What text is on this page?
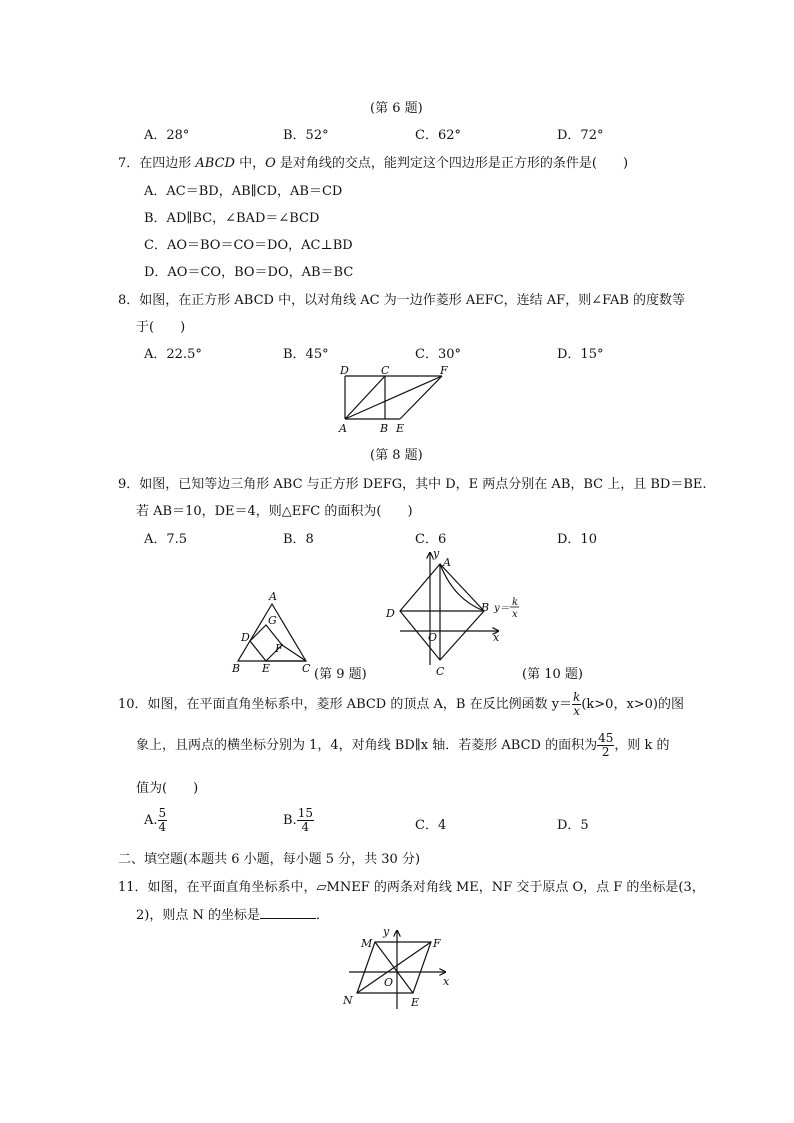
(第 6 题)
A．28°	B．52°	C．62°	D．72°
7．在四边形 ABCD 中，O 是对角线的交点，能判定这个四边形是正方形的条件是(　　)
A．AC＝BD，AB∥CD，AB＝CD
B．AD∥BC，∠BAD＝∠BCD
C．AO＝BO＝CO＝DO，AC⊥BD
D．AO＝CO，BO＝DO，AB＝BC
8．如图，在正方形 ABCD 中，以对角线 AC 为一边作菱形 AEFC，连结 AF，则∠FAB 的度数等
于(　　)
A．22.5°	B．45°	C．30°	D．15°
D	C	F
A	B E
(第 8 题)
9．如图，已知等边三角形 ABC 与正方形 DEFG，其中 D，E 两点分别在 AB，BC 上，且 BD＝BE.
若 AB＝10，DE＝4，则△EFC 的面积为(　　)
A．7.5	B．8	C．6	D．10
A
G
D
F
B E	C (第 9 题)
y
A
D	B
O	x
C
y＝
k
x
(第 10 题)
10．如图，在平面直角坐标系中，菱形 ABCD 的顶点 A，B 在反比例函数 $y= \frac{k}{x} (k>0$，x>0)的图
象上，且两点的横坐标分别为 1，4，对角线 BD∥x 轴．若菱形 ABCD 的面积为 $\frac{45}{2}$ ，则 k 的
值为(　　)
A. $\frac{5}{4}$	B. $\frac{15}{4}$	C．4	D．5
二、填空题(本题共 6 小题，每小题 5 分，共 30 分)
11．如图，在平面直角坐标系中，▱MNEF 的两条对角线 ME，NF 交于原点 O，点 F 的坐标是(3，
2)，则点 N 的坐标是	．
y
M	F
x
O
N	E
